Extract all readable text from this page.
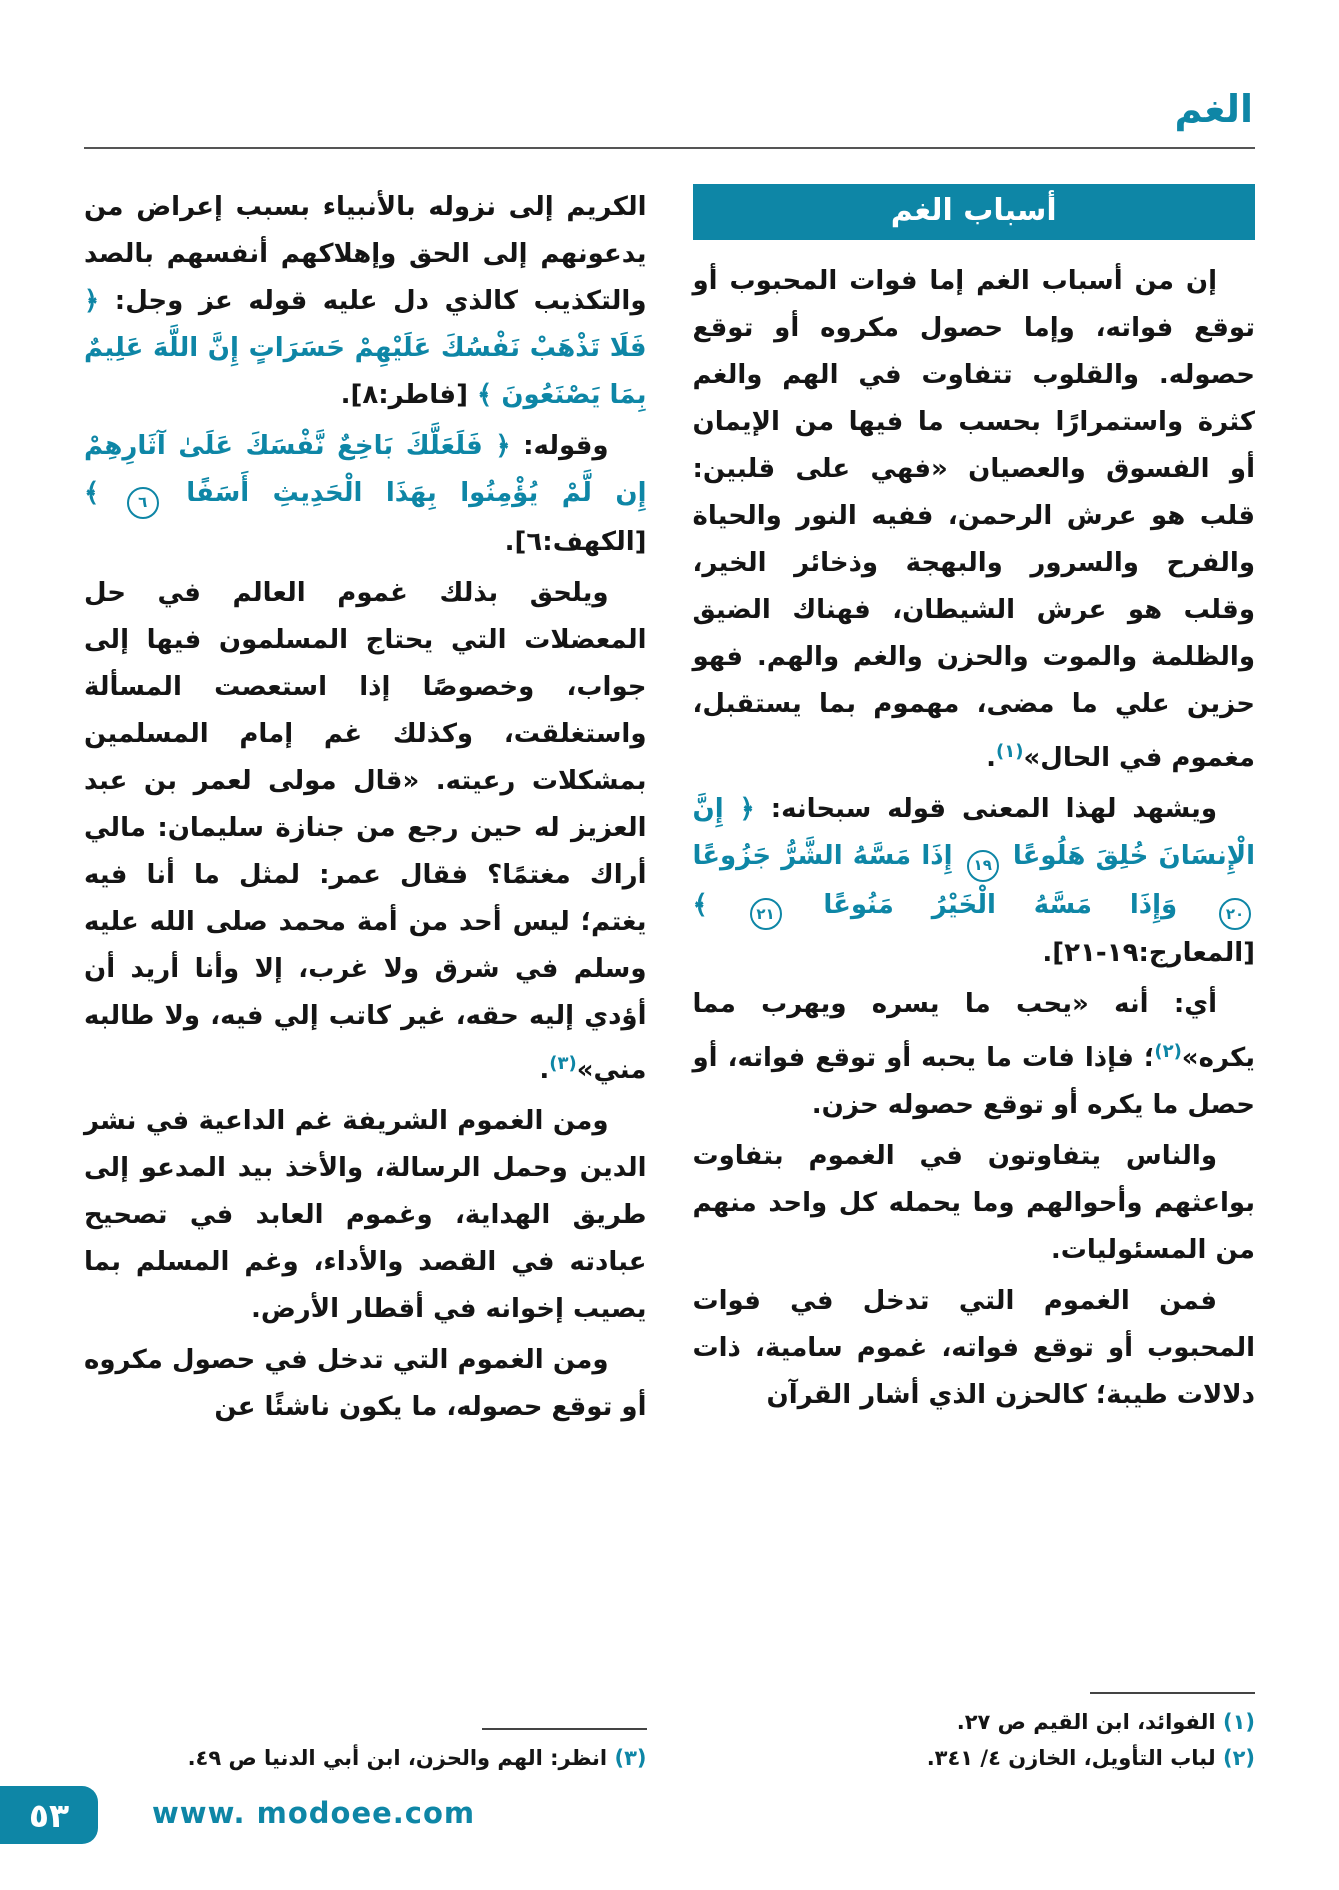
الغم
أسباب الغم

إن من أسباب الغم إما فوات المحبوب أو توقع فواته، وإما حصول مكروه أو توقع حصوله. والقلوب تتفاوت في الهم والغم كثرة واستمرارًا بحسب ما فيها من الإيمان أو الفسوق والعصيان «فهي على قلبين: قلب هو عرش الرحمن، ففيه النور والحياة والفرح والسرور والبهجة وذخائر الخير، وقلب هو عرش الشيطان، فهناك الضيق والظلمة والموت والحزن والغم والهم. فهو حزين علي ما مضى، مهموم بما يستقبل، مغموم في الحال»$^{(١)}$.

ويشهد لهذا المعنى قوله سبحانه: ﴿ إِنَّ الْإِنسَانَ خُلِقَ هَلُوعًا ١٩ إِذَا مَسَّهُ الشَّرُّ جَزُوعًا ٢٠ وَإِذَا مَسَّهُ الْخَيْرُ مَنُوعًا ٢١ ﴾ [المعارج:١٩-٢١].

أي: أنه «يحب ما يسره ويهرب مما يكره»$^{(٢)}$؛ فإذا فات ما يحبه أو توقع فواته، أو حصل ما يكره أو توقع حصوله حزن.

والناس يتفاوتون في الغموم بتفاوت بواعثهم وأحوالهم وما يحمله كل واحد منهم من المسئوليات.

فمن الغموم التي تدخل في فوات المحبوب أو توقع فواته، غموم سامية، ذات دلالات طيبة؛ كالحزن الذي أشار القرآن

(١) الفوائد، ابن القيم ص ٢٧.
(٢) لباب التأويل، الخازن ٤/ ٣٤١.

الكريم إلى نزوله بالأنبياء بسبب إعراض من يدعونهم إلى الحق وإهلاكهم أنفسهم بالصد والتكذيب كالذي دل عليه قوله عز وجل: ﴿ فَلَا تَذْهَبْ نَفْسُكَ عَلَيْهِمْ حَسَرَاتٍ إِنَّ اللَّهَ عَلِيمٌ بِمَا يَصْنَعُونَ ﴾ [فاطر:٨].

وقوله: ﴿ فَلَعَلَّكَ بَاخِعٌ نَّفْسَكَ عَلَىٰ آثَارِهِمْ إِن لَّمْ يُؤْمِنُوا بِهَذَا الْحَدِيثِ أَسَفًا ٦ ﴾ [الكهف:٦].

ويلحق بذلك غموم العالم في حل المعضلات التي يحتاج المسلمون فيها إلى جواب، وخصوصًا إذا استعصت المسألة واستغلقت، وكذلك غم إمام المسلمين بمشكلات رعيته. «قال مولى لعمر بن عبد العزيز له حين رجع من جنازة سليمان: مالي أراك مغتمًا؟ فقال عمر: لمثل ما أنا فيه يغتم؛ ليس أحد من أمة محمد صلى الله عليه وسلم في شرق ولا غرب، إلا وأنا أريد أن أؤدي إليه حقه، غير كاتب إلي فيه، ولا طالبه مني»$^{(٣)}$.

ومن الغموم الشريفة غم الداعية في نشر الدين وحمل الرسالة، والأخذ بيد المدعو إلى طريق الهداية، وغموم العابد في تصحيح عبادته في القصد والأداء، وغم المسلم بما يصيب إخوانه في أقطار الأرض.

ومن الغموم التي تدخل في حصول مكروه أو توقع حصوله، ما يكون ناشئًا عن

(٣) انظر: الهم والحزن، ابن أبي الدنيا ص ٤٩.
٥٣	www. modoee.com
